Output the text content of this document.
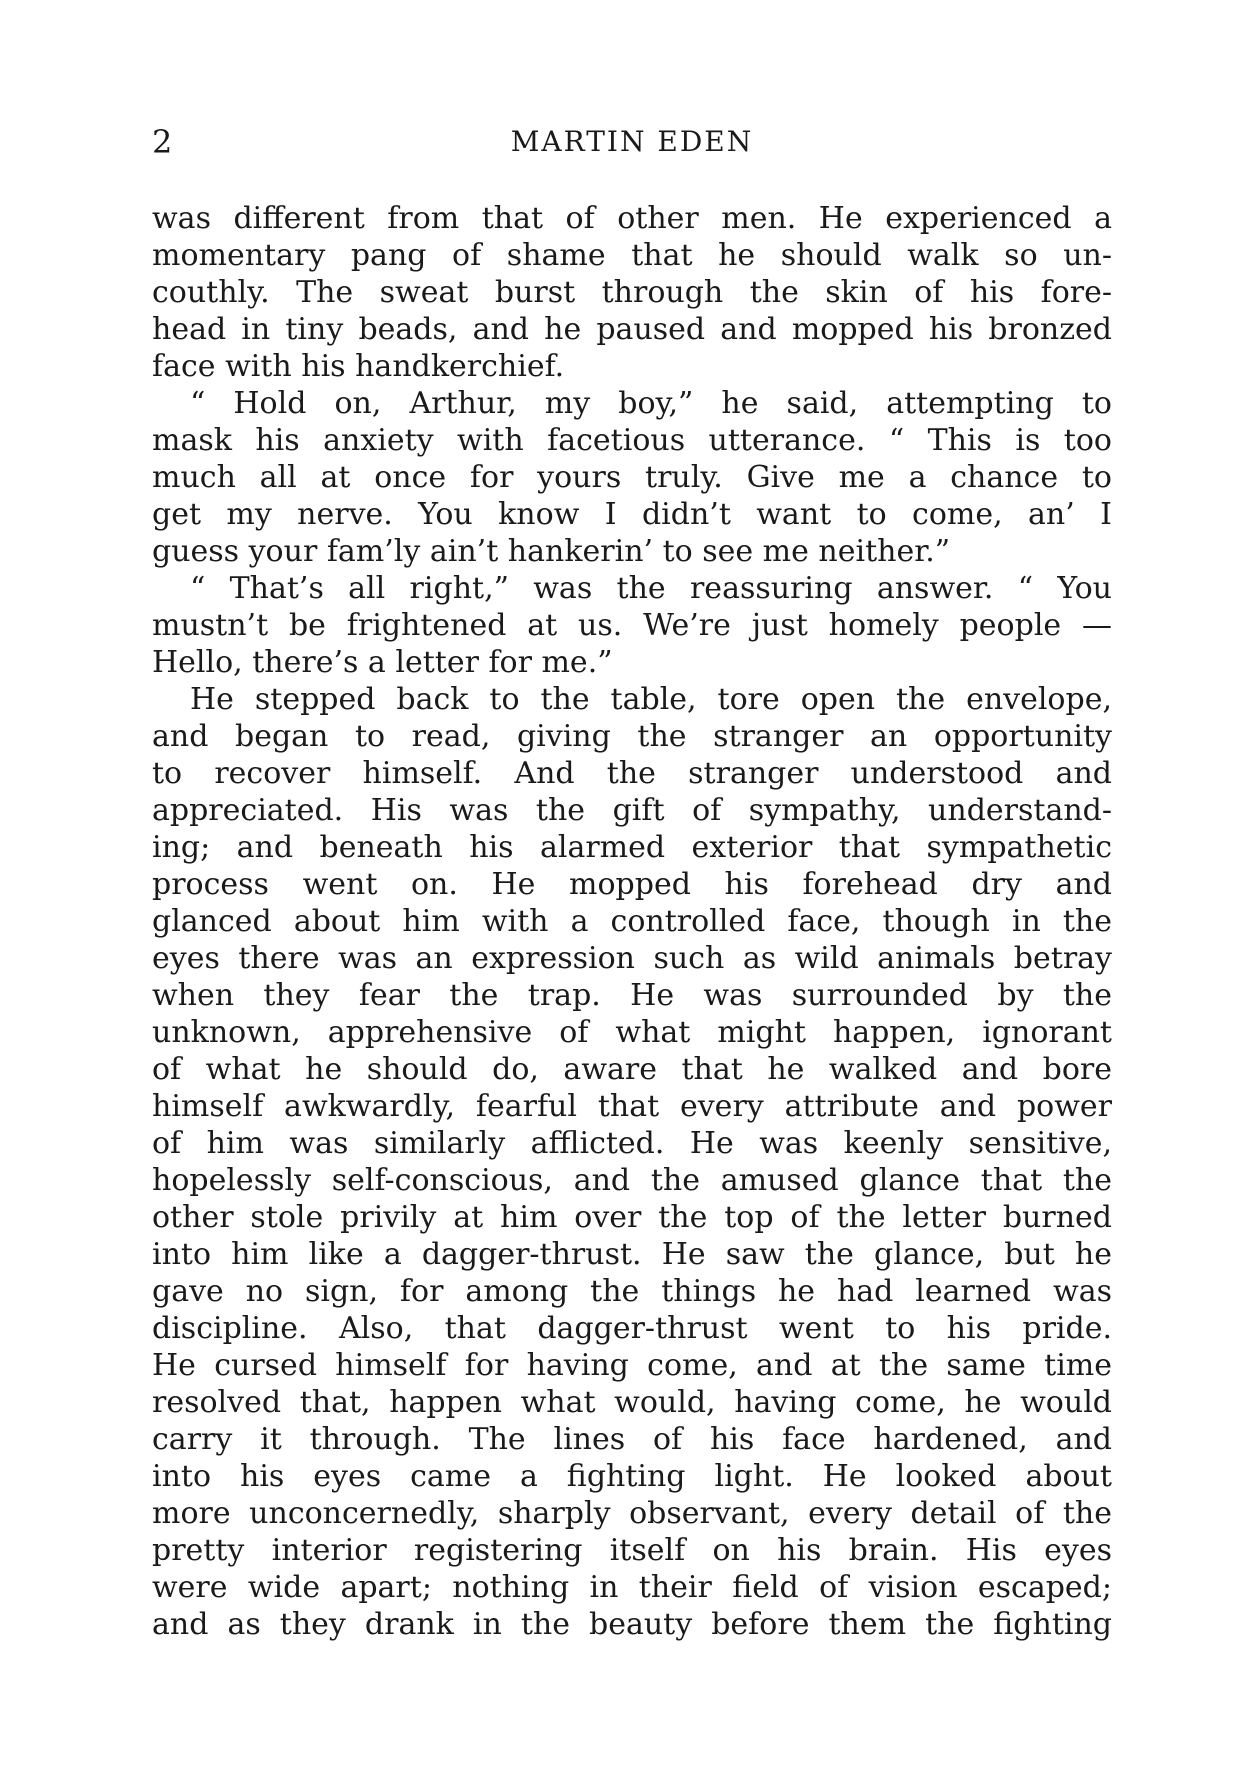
2	MARTIN EDEN
was different from that of other men. He experienced a
momentary pang of shame that he should walk so un-
couthly. The sweat burst through the skin of his fore-
head in tiny beads, and he paused and mopped his bronzed
face with his handkerchief.
“ Hold on, Arthur, my boy,” he said, attempting to
mask his anxiety with facetious utterance. “ This is too
much all at once for yours truly. Give me a chance to
get my nerve. You know I didn’t want to come, an’ I
guess your fam’ly ain’t hankerin’ to see me neither.”
“ That’s all right,” was the reassuring answer. “ You
mustn’t be frightened at us. We’re just homely people —
Hello, there’s a letter for me.”
He stepped back to the table, tore open the envelope,
and began to read, giving the stranger an opportunity
to recover himself. And the stranger understood and
appreciated. His was the gift of sympathy, understand-
ing; and beneath his alarmed exterior that sympathetic
process went on. He mopped his forehead dry and
glanced about him with a controlled face, though in the
eyes there was an expression such as wild animals betray
when they fear the trap. He was surrounded by the
unknown, apprehensive of what might happen, ignorant
of what he should do, aware that he walked and bore
himself awkwardly, fearful that every attribute and power
of him was similarly afflicted. He was keenly sensitive,
hopelessly self-conscious, and the amused glance that the
other stole privily at him over the top of the letter burned
into him like a dagger-thrust. He saw the glance, but he
gave no sign, for among the things he had learned was
discipline. Also, that dagger-thrust went to his pride.
He cursed himself for having come, and at the same time
resolved that, happen what would, having come, he would
carry it through. The lines of his face hardened, and
into his eyes came a fighting light. He looked about
more unconcernedly, sharply observant, every detail of the
pretty interior registering itself on his brain. His eyes
were wide apart; nothing in their field of vision escaped;
and as they drank in the beauty before them the fighting
